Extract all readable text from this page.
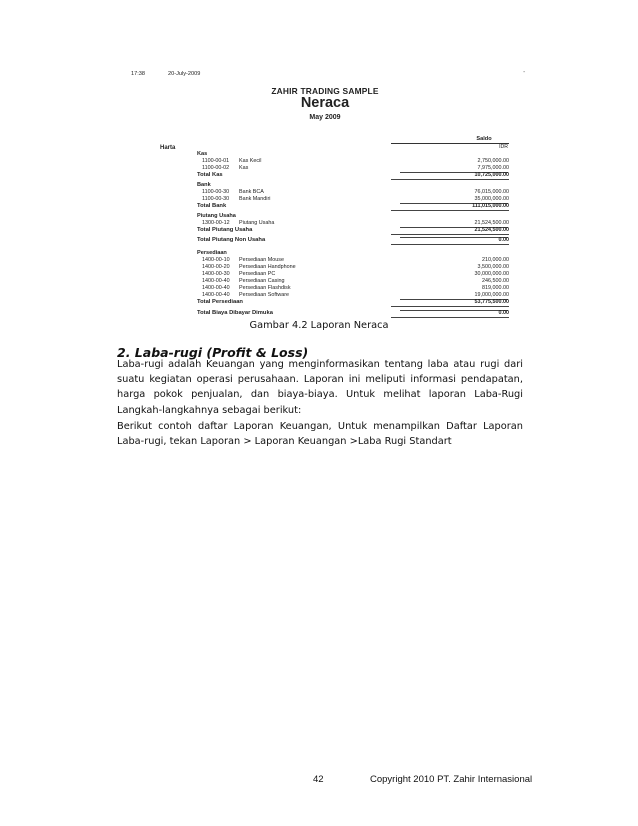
17:38	20-July-2009	-
ZAHIR TRADING SAMPLE
Neraca
May 2009
Saldo
IDR
Harta
Kas
1100-00-01 Kas Kecil	2,750,000.00
1100-00-02 Kas	7,975,000.00
Total Kas	10,725,000.00
Bank
1100-00-30 Bank BCA	76,015,000.00
1100-00-30 Bank Mandiri	35,000,000.00
Total Bank	111,015,000.00
Piutang Usaha
1300-00-12 Piutang Usaha	21,524,500.00
Total Piutang Usaha	21,524,500.00
Total Piutang Non Usaha	0.00
Persediaan
1400-00-10 Persediaan Mouse	210,000.00
1400-00-20 Persediaan Handphone	3,500,000.00
1400-00-30 Persediaan PC	30,000,000.00
1400-00-40 Persediaan Casing	246,500.00
1400-00-40 Persediaan Flashdisk	819,000.00
1400-00-40 Persediaan Software	19,000,000.00
Total Persediaan	53,775,500.00
Total Biaya Dibayar Dimuka	0.00
Gambar 4.2 Laporan Neraca
2. Laba-rugi (Profit & Loss)
Laba-rugi adalah Keuangan yang menginformasikan tentang laba atau rugi dari suatu kegiatan operasi perusahaan. Laporan ini meliputi informasi pendapatan, harga pokok penjualan, dan biaya-biaya. Untuk melihat laporan Laba-Rugi Langkah-langkahnya sebagai berikut:
Berikut contoh daftar Laporan Keuangan, Untuk menampilkan Daftar Laporan Laba-rugi, tekan Laporan > Laporan Keuangan >Laba Rugi Standart
42	Copyright 2010 PT. Zahir Internasional
